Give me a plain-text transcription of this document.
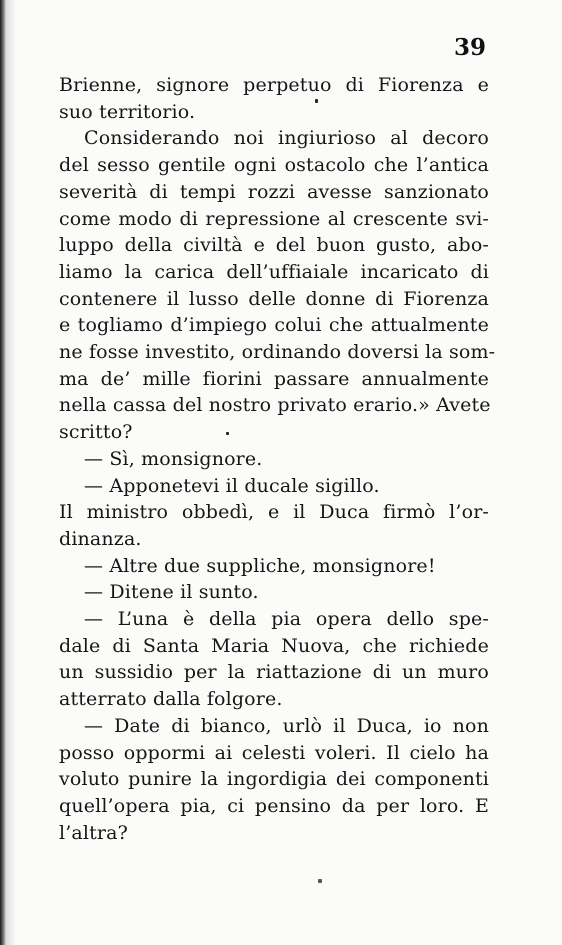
39
Brienne, signore perpetuo di Fiorenza e
suo territorio.
Considerando noi ingiurioso al decoro
del sesso gentile ogni ostacolo che l’antica
severità di tempi rozzi avesse sanzionato
come modo di repressione al crescente svi-
luppo della civiltà e del buon gusto, abo-
liamo la carica dell’uffiaiale incaricato di
contenere il lusso delle donne di Fiorenza
e togliamo d’impiego colui che attualmente
ne fosse investito, ordinando doversi la som-
ma de’ mille fiorini passare annualmente
nella cassa del nostro privato erario.» Avete
scritto?
— Sì, monsignore.
— Apponetevi il ducale sigillo.
Il ministro obbedì, e il Duca firmò l’or-
dinanza.
— Altre due suppliche, monsignore!
— Ditene il sunto.
— L’una è della pia opera dello spe-
dale di Santa Maria Nuova, che richiede
un sussidio per la riattazione di un muro
atterrato dalla folgore.
— Date di bianco, urlò il Duca, io non
posso oppormi ai celesti voleri. Il cielo ha
voluto punire la ingordigia dei componenti
quell’opera pia, ci pensino da per loro. E
l’altra?
